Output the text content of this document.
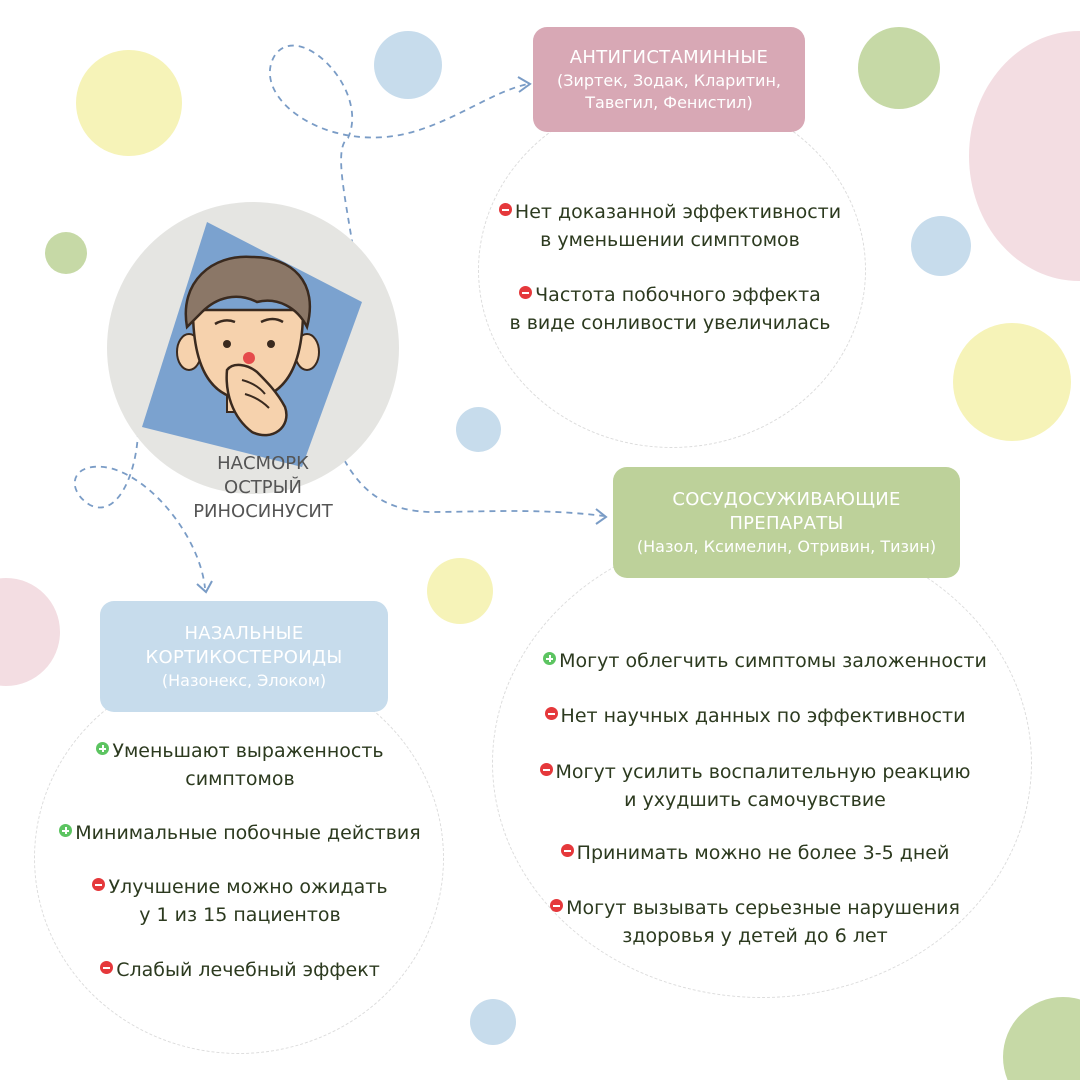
НАСМОРК
ОСТРЫЙ
РИНОСИНУСИТ
АНТИГИСТАМИННЫЕ
(Зиртек, Зодак, Кларитин,
Тавегил, Фенистил)
Нет доказанной эффективности
в уменьшении симптомов
Частота побочного эффекта
в виде сонливости увеличилась
СОСУДОСУЖИВАЮЩИЕ
ПРЕПАРАТЫ
(Назол, Ксимелин, Отривин, Тизин)
Могут облегчить симптомы заложенности
Нет научных данных по эффективности
Могут усилить воспалительную реакцию
и ухудшить самочувствие
Принимать можно не более 3-5 дней
Могут вызывать серьезные нарушения
здоровья у детей до 6 лет
НАЗАЛЬНЫЕ
КОРТИКОСТЕРОИДЫ
(Назонекс, Элоком)
Уменьшают выраженность
симптомов
Минимальные побочные действия
Улучшение можно ожидать
у 1 из 15 пациентов
Слабый лечебный эффект
